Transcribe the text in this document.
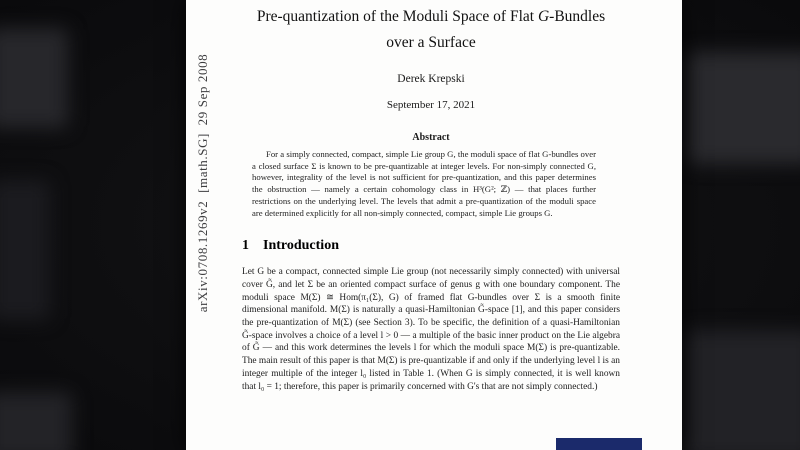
arXiv:0708.1269v2  [math.SG]  29 Sep 2008
Pre-quantization of the Moduli Space of Flat G-Bundles
over a Surface
Derek Krepski
September 17, 2021
Abstract

For a simply connected, compact, simple Lie group G, the moduli space of flat G-bundles over a closed surface Σ is known to be pre-quantizable at integer levels. For non-simply connected G, however, integrality of the level is not sufficient for pre-quantization, and this paper determines the obstruction — namely a certain cohomology class in H³(G²; ℤ) — that places further restrictions on the underlying level. The levels that admit a pre-quantization of the moduli space are determined explicitly for all non-simply connected, compact, simple Lie groups G.

1 Introduction

Let G be a compact, connected simple Lie group (not necessarily simply connected) with universal cover G̃, and let Σ be an oriented compact surface of genus g with one boundary component. The moduli space M(Σ) ≅ Hom(π₁(Σ), G) of framed flat G-bundles over Σ is a smooth finite dimensional manifold. M(Σ) is naturally a quasi-Hamiltonian G̃-space [1], and this paper considers the pre-quantization of M(Σ) (see Section 3). To be specific, the definition of a quasi-Hamiltonian G̃-space involves a choice of a level l > 0 — a multiple of the basic inner product on the Lie algebra of G̃ — and this work determines the levels l for which the moduli space M(Σ) is pre-quantizable. The main result of this paper is that M(Σ) is pre-quantizable if and only if the underlying level l is an integer multiple of the integer l₀ listed in Table 1. (When G is simply connected, it is well known that l₀ = 1; therefore, this paper is primarily concerned with G's that are not simply connected.)
